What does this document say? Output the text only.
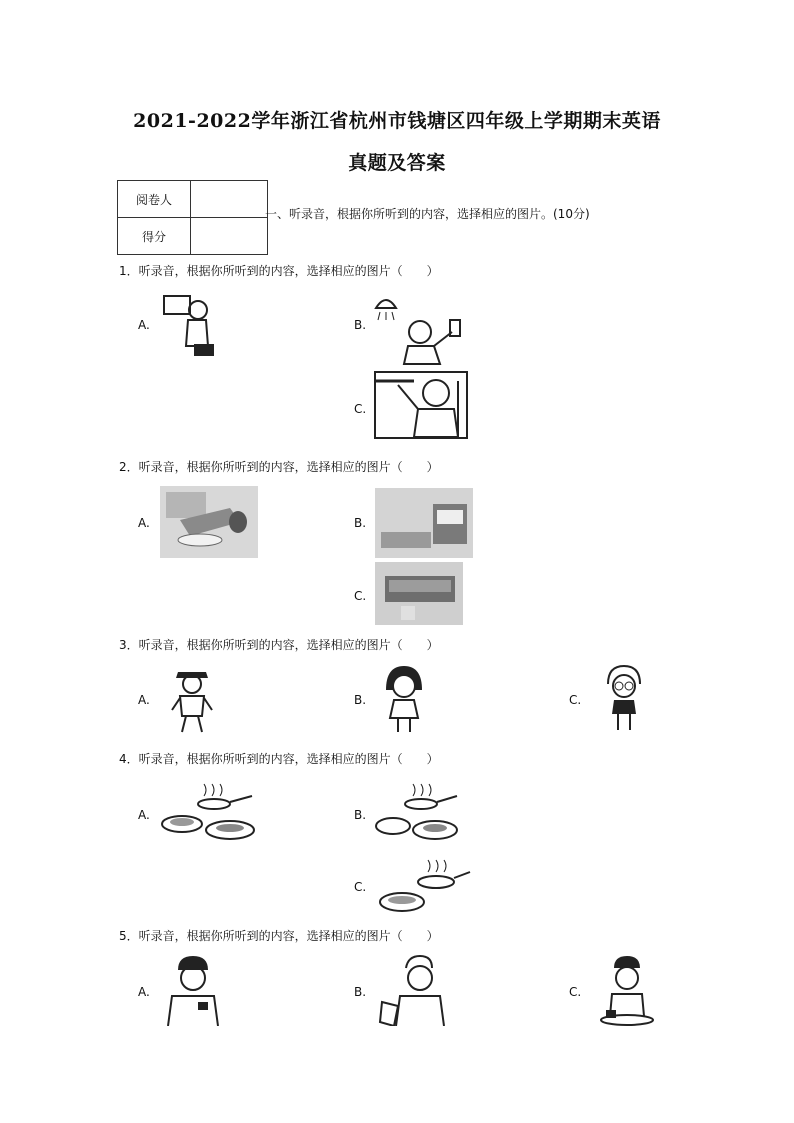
2021-2022学年浙江省杭州市钱塘区四年级上学期期末英语
真题及答案
阅卷人	
得分	
一、听录音，根据你所听到的内容，选择相应的图片。(10分)
1．听录音，根据你所听到的内容，选择相应的图片（　　）
A.	B.
C.
2．听录音，根据你所听到的内容，选择相应的图片（　　）
A.	B.
C.
3．听录音，根据你所听到的内容，选择相应的图片（　　）
A.	B.	C.
4．听录音，根据你所听到的内容，选择相应的图片（　　）
A.	B.
C.
5．听录音，根据你所听到的内容，选择相应的图片（　　）
A.	B.	C.
